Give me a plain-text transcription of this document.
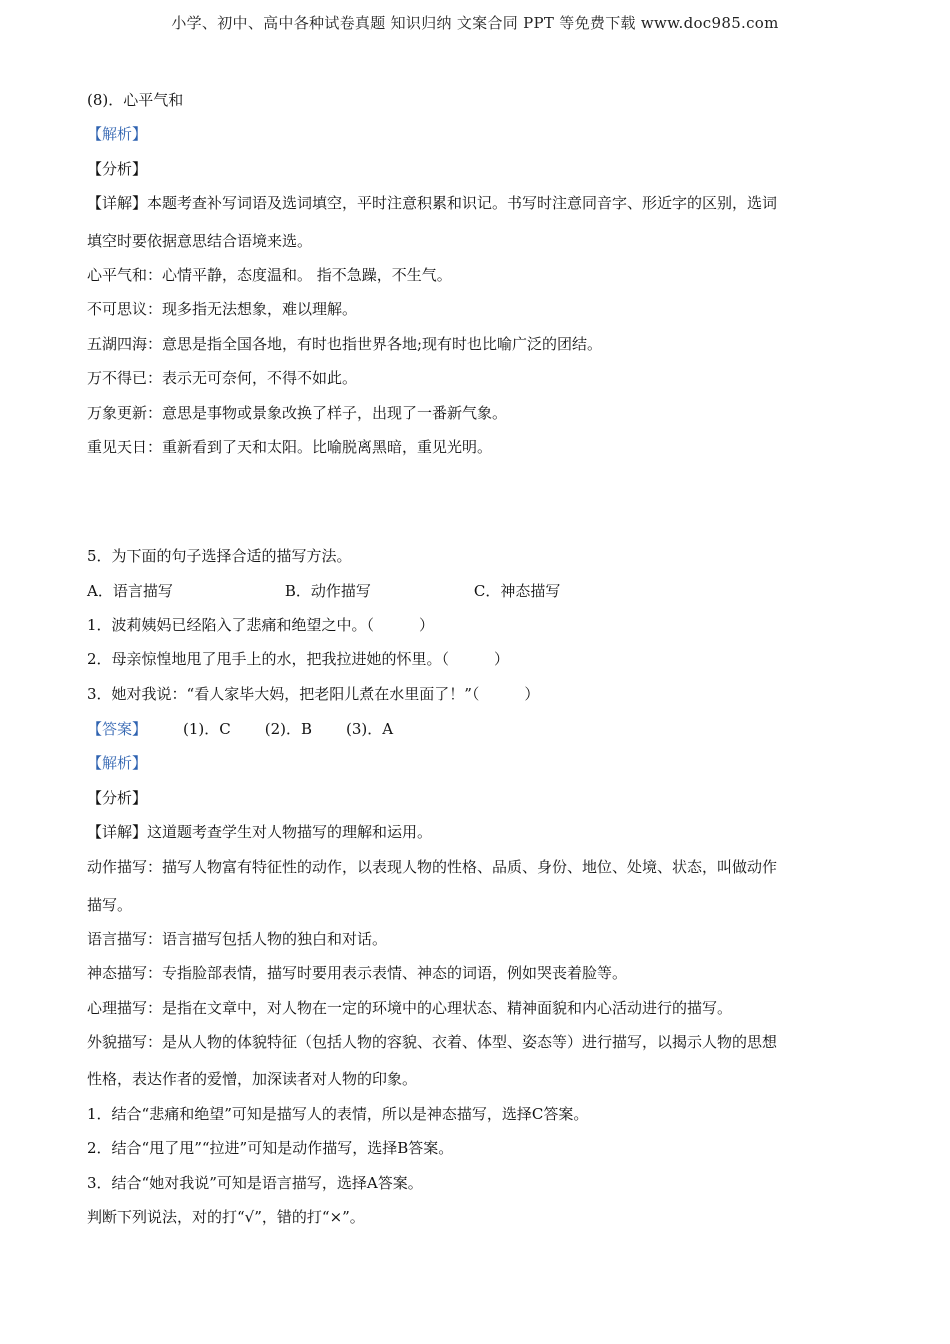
小学、初中、高中各种试卷真题 知识归纳 文案合同 PPT 等免费下载 www.doc985.com
(8)．心平气和
【解析】
【分析】
【详解】本题考查补写词语及选词填空，平时注意积累和识记。书写时注意同音字、形近字的区别，选词
填空时要依据意思结合语境来选。
心平气和：心情平静，态度温和。 指不急躁，不生气。
不可思议：现多指无法想象，难以理解。
五湖四海：意思是指全国各地，有时也指世界各地;现有时也比喻广泛的团结。
万不得已：表示无可奈何，不得不如此。
万象更新：意思是事物或景象改换了样子，出现了一番新气象。
重见天日：重新看到了天和太阳。比喻脱离黑暗，重见光明。
5．为下面的句子选择合适的描写方法。
A．语言描写	B．动作描写	C．神态描写
1．波莉姨妈已经陷入了悲痛和绝望之中。（　　　）
2．母亲惊惶地甩了甩手上的水，把我拉进她的怀里。（　　　）
3．她对我说：“看人家毕大妈，把老阳儿煮在水里面了！”（　　　）
【答案】 (1)．C (2)．B (3)．A
【解析】
【分析】
【详解】这道题考查学生对人物描写的理解和运用。
动作描写：描写人物富有特征性的动作，以表现人物的性格、品质、身份、地位、处境、状态，叫做动作
描写。
语言描写：语言描写包括人物的独白和对话。
神态描写：专指脸部表情，描写时要用表示表情、神态的词语，例如哭丧着脸等。
心理描写：是指在文章中，对人物在一定的环境中的心理状态、精神面貌和内心活动进行的描写。
外貌描写：是从人物的体貌特征（包括人物的容貌、衣着、体型、姿态等）进行描写，以揭示人物的思想
性格，表达作者的爱憎，加深读者对人物的印象。
1．结合“悲痛和绝望”可知是描写人的表情，所以是神态描写，选择C答案。
2．结合“甩了甩”“拉进”可知是动作描写，选择B答案。
3．结合“她对我说”可知是语言描写，选择A答案。
判断下列说法，对的打“√”，错的打“×”。
